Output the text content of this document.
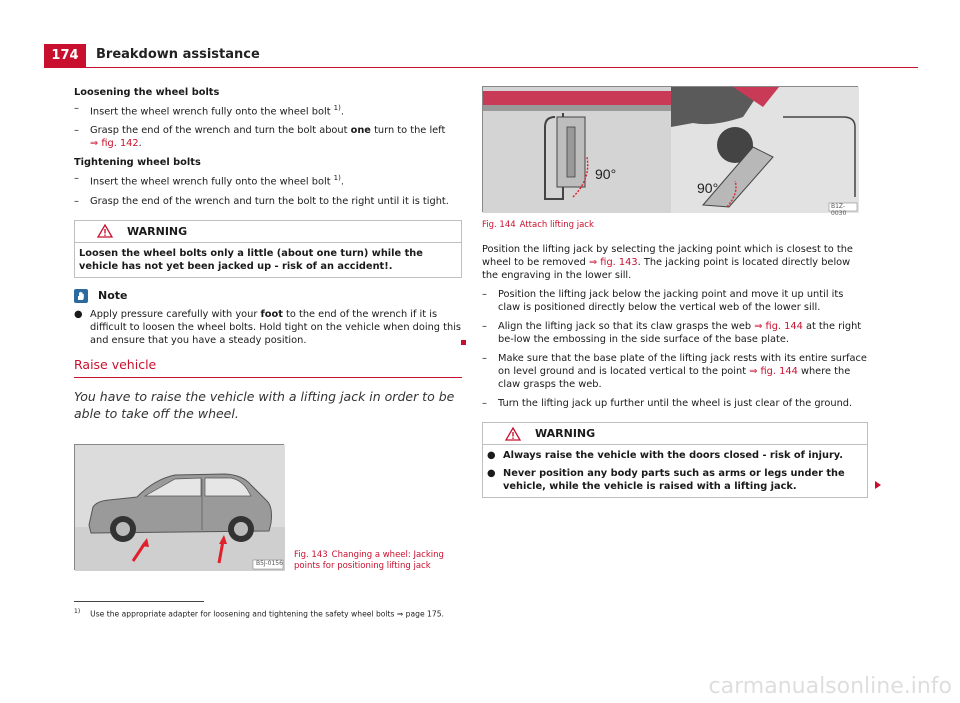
174	Breakdown assistance
Loosening the wheel bolts
– Insert the wheel wrench fully onto the wheel bolt $^{1)}$.
– Grasp the end of the wrench and turn the bolt about one turn to the left
⇒ fig. 142.
Tightening wheel bolts
– Insert the wheel wrench fully onto the wheel bolt $^{1)}$.
– Grasp the end of the wrench and turn the bolt to the right until it is tight.
WARNING
Loosen the wheel bolts only a little (about one turn) while the vehicle has not yet been jacked up - risk of an accident!.
Note
● Apply pressure carefully with your foot to the end of the wrench if it is difficult to loosen the wheel bolts. Hold tight on the vehicle when doing this and ensure that you have a steady position.
Raise vehicle
You have to raise the vehicle with a lifting jack in order to be able to take off the wheel.
B5J-0156
Fig. 143 Changing a wheel: Jacking points for positioning lifting jack
90°
90°
B1Z-0030
Fig. 144 Attach lifting jack
Position the lifting jack by selecting the jacking point which is closest to the wheel to be removed ⇒ fig. 143. The jacking point is located directly below the engraving in the lower sill.
– Position the lifting jack below the jacking point and move it up until its claw is positioned directly below the vertical web of the lower sill.
– Align the lifting jack so that its claw grasps the web ⇒ fig. 144 at the right be-low the embossing in the side surface of the base plate.
– Make sure that the base plate of the lifting jack rests with its entire surface on level ground and is located vertical to the point ⇒ fig. 144 where the claw grasps the web.
– Turn the lifting jack up further until the wheel is just clear of the ground.
WARNING
● Always raise the vehicle with the doors closed - risk of injury.
● Never position any body parts such as arms or legs under the vehicle, while the vehicle is raised with a lifting jack.
$^{1)}$ Use the appropriate adapter for loosening and tightening the safety wheel bolts ⇒ page 175.
carmanualsonline.info
